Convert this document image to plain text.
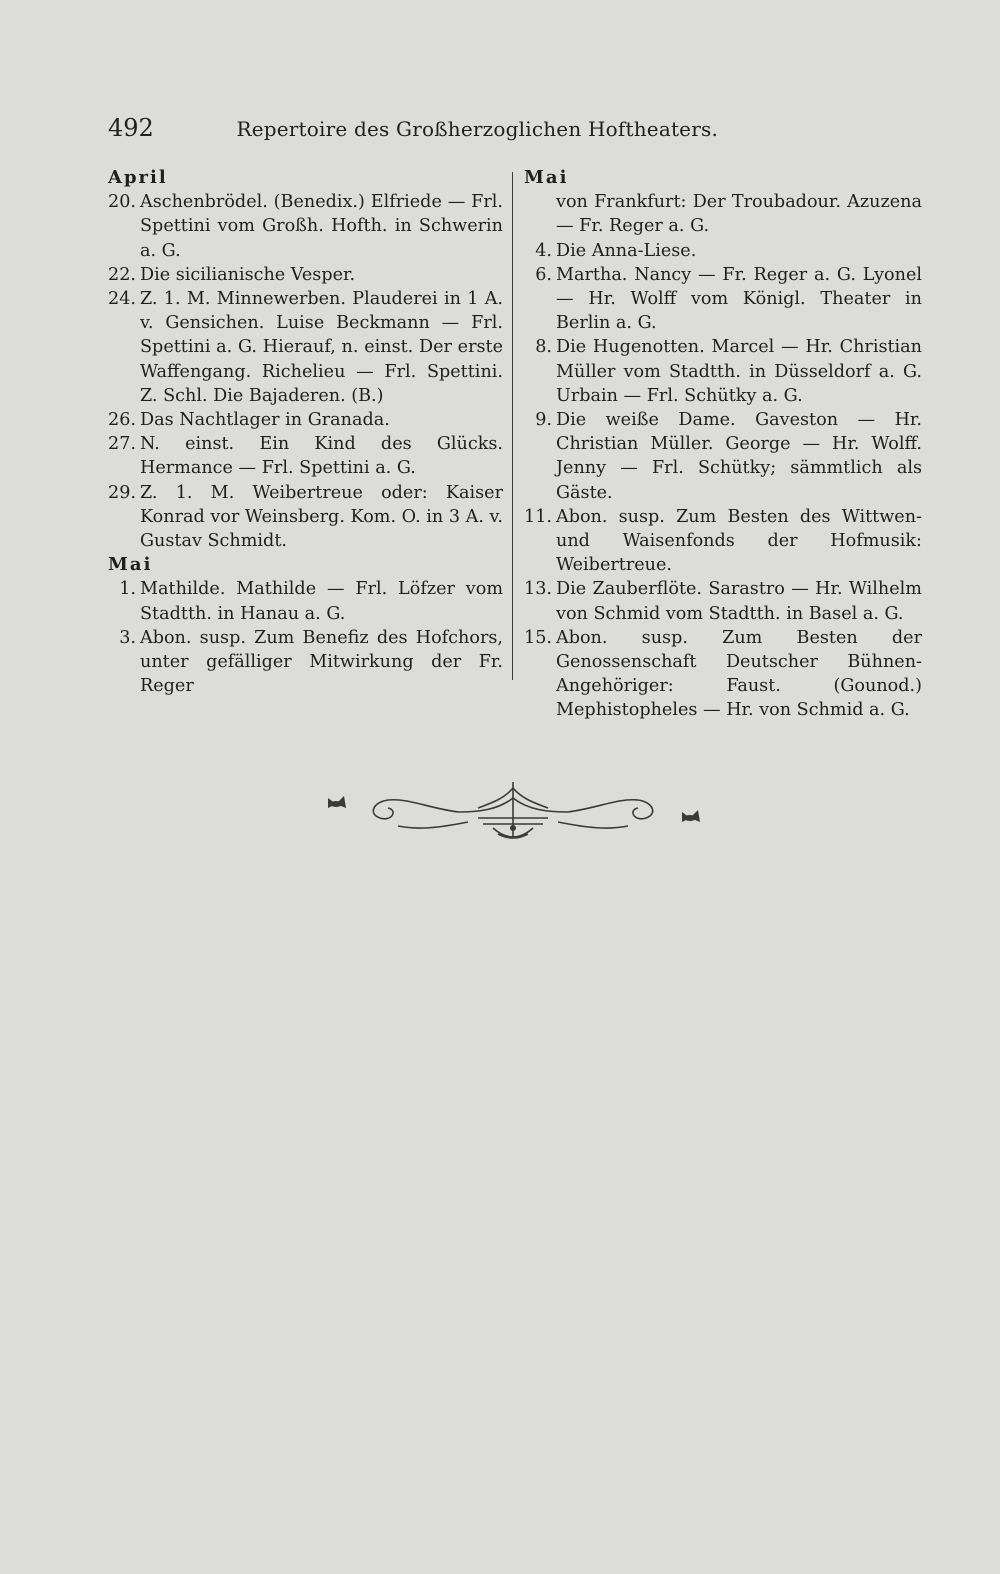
492	Repertoire des Großherzoglichen Hoftheaters.
April
20. Aschenbrödel. (Benedix.) Elfriede — Frl. Spettini vom Großh. Hofth. in Schwerin a. G.
22. Die sicilianische Vesper.
24. Z. 1. M. Minnewerben. Plauderei in 1 A. v. Gensichen. Luise Beckmann — Frl. Spettini a. G. Hierauf, n. einst. Der erste Waffengang. Richelieu — Frl. Spettini. Z. Schl. Die Bajaderen. (B.)
26. Das Nachtlager in Granada.
27. N. einst. Ein Kind des Glücks. Hermance — Frl. Spettini a. G.
29. Z. 1. M. Weibertreue oder: Kaiser Konrad vor Weinsberg. Kom. O. in 3 A. v. Gustav Schmidt.
Mai
1. Mathilde. Mathilde — Frl. Löfzer vom Stadtth. in Hanau a. G.
3. Abon. susp. Zum Benefiz des Hofchors, unter gefälliger Mitwirkung der Fr. Reger
Mai
von Frankfurt: Der Troubadour. Azuzena — Fr. Reger a. G.
4. Die Anna-Liese.
6. Martha. Nancy — Fr. Reger a. G. Lyonel — Hr. Wolff vom Königl. Theater in Berlin a. G.
8. Die Hugenotten. Marcel — Hr. Christian Müller vom Stadtth. in Düsseldorf a. G. Urbain — Frl. Schütky a. G.
9. Die weiße Dame. Gaveston — Hr. Christian Müller. George — Hr. Wolff. Jenny — Frl. Schütky; sämmtlich als Gäste.
11. Abon. susp. Zum Besten des Wittwen- und Waisenfonds der Hofmusik: Weibertreue.
13. Die Zauberflöte. Sarastro — Hr. Wilhelm von Schmid vom Stadtth. in Basel a. G.
15. Abon. susp. Zum Besten der Genossenschaft Deutscher Bühnen-Angehöriger: Faust. (Gounod.) Mephistopheles — Hr. von Schmid a. G.
